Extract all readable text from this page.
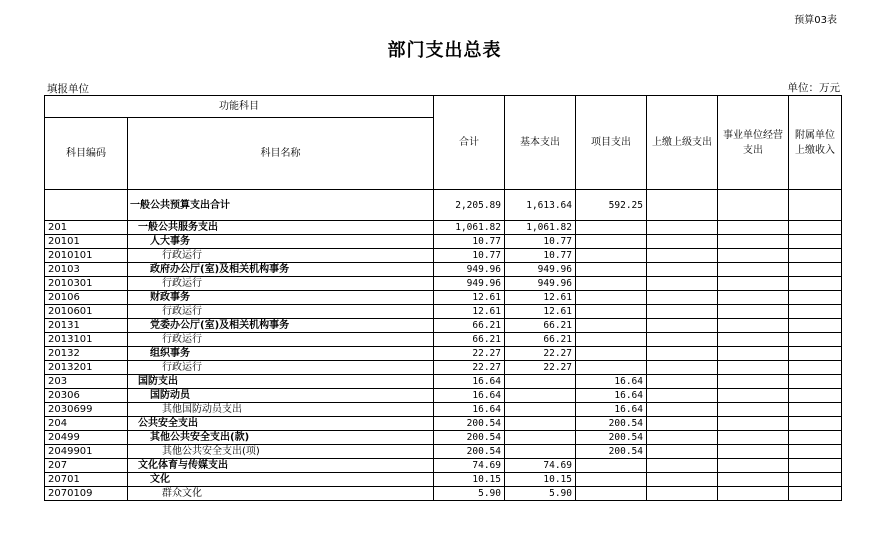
预算03表
部门支出总表
填报单位	单位：万元
功能科目		合计	基本支出	项目支出	上缴上级支出	事业单位经营支出	附属单位上缴收入
科目编码	科目名称						
	一般公共预算支出合计	2,205.89	1,613.64	592.25			
201	一般公共服务支出	1,061.82	1,061.82				
20101	人大事务	10.77	10.77				
2010101	行政运行	10.77	10.77				
20103	政府办公厅(室)及相关机构事务	949.96	949.96				
2010301	行政运行	949.96	949.96				
20106	财政事务	12.61	12.61				
2010601	行政运行	12.61	12.61				
20131	党委办公厅(室)及相关机构事务	66.21	66.21				
2013101	行政运行	66.21	66.21				
20132	组织事务	22.27	22.27				
2013201	行政运行	22.27	22.27				
203	国防支出	16.64		16.64			
20306	国防动员	16.64		16.64			
2030699	其他国防动员支出	16.64		16.64			
204	公共安全支出	200.54		200.54			
20499	其他公共安全支出(款)	200.54		200.54			
2049901	其他公共安全支出(项)	200.54		200.54			
207	文化体育与传媒支出	74.69	74.69				
20701	文化	10.15	10.15				
2070109	群众文化	5.90	5.90				
